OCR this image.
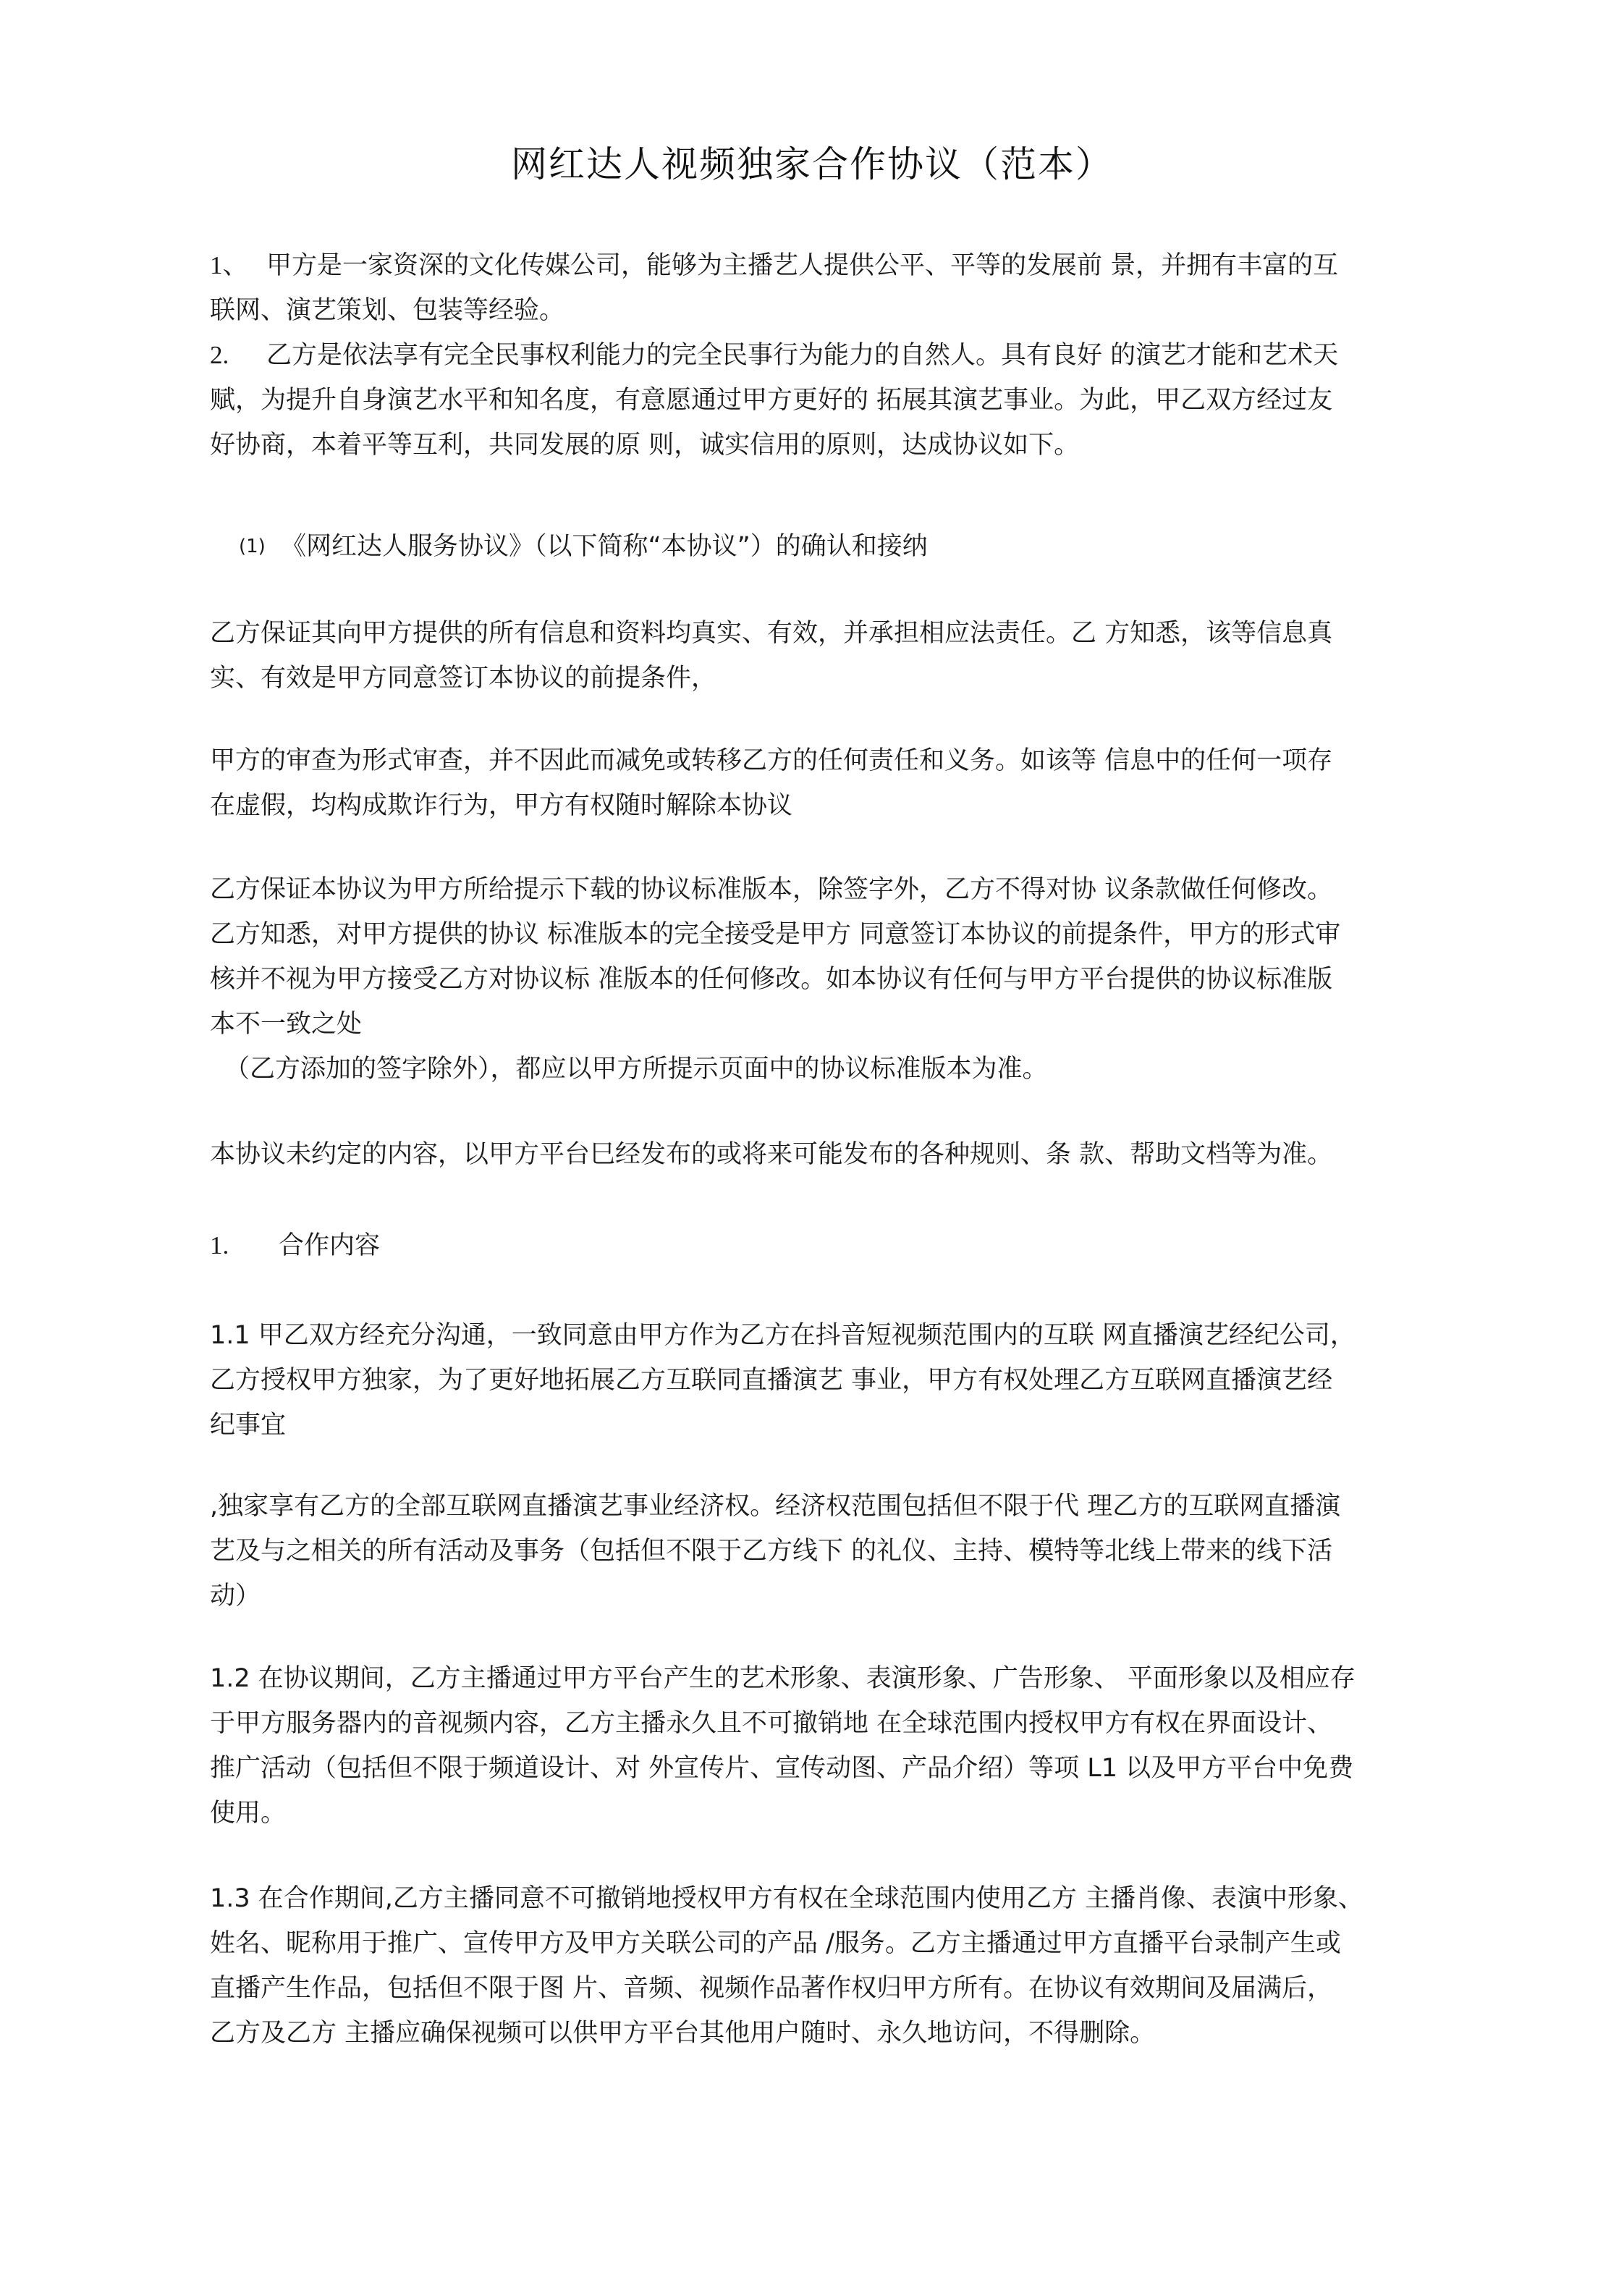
网红达人视频独家合作协议（范本）
1、 甲方是一家资深的文化传媒公司，能够为主播艺人提供公平、平等的发展前 景，并拥有丰富的互
联网、演艺策划、包装等经验。
2. 乙方是依法享有完全民事权利能力的完全民事行为能力的自然人。具有良好 的演艺才能和艺术天
赋，为提升自身演艺水平和知名度，有意愿通过甲方更好的 拓展其演艺事业。为此，甲乙双方经过友
好协商，本着平等互利，共同发展的原 则，诚实信用的原则，达成协议如下。
(1) 《网红达人服务协议》（以下简称“本协议”）的确认和接纳
乙方保证其向甲方提供的所有信息和资料均真实、有效，并承担相应法责任。乙 方知悉，该等信息真
实、有效是甲方同意签订本协议的前提条件，
甲方的审查为形式审查，并不因此而减免或转移乙方的任何责任和义务。如该等 信息中的任何一项存
在虚假，均构成欺诈行为，甲方有权随时解除本协议
乙方保证本协议为甲方所给提示下载的协议标准版本，除签字外，乙方不得对协 议条款做任何修改。
乙方知悉，对甲方提供的协议 标准版本的完全接受是甲方 同意签订本协议的前提条件，甲方的形式审
核并不视为甲方接受乙方对协议标 准版本的任何修改。如本协议有任何与甲方平台提供的协议标准版
本不一致之处
（乙方添加的签字除外），都应以甲方所提示页面中的协议标准版本为准。
本协议未约定的内容，以甲方平台巳经发布的或将来可能发布的各种规则、条 款、帮助文档等为准。
1. 合作内容
1.1 甲乙双方经充分沟通，一致同意由甲方作为乙方在抖音短视频范围内的互联 网直播演艺经纪公司，
乙方授权甲方独家，为了更好地拓展乙方互联同直播演艺 事业，甲方有权处理乙方互联网直播演艺经
纪事宜
,独家享有乙方的全部互联网直播演艺事业经济权。经济权范围包括但不限于代 理乙方的互联网直播演
艺及与之相关的所有活动及事务（包括但不限于乙方线下 的礼仪、主持、模特等北线上带来的线下活
动）
1.2 在协议期间，乙方主播通过甲方平台产生的艺术形象、表演形象、广告形象、 平面形象以及相应存
于甲方服务器内的音视频内容，乙方主播永久且不可撤销地 在全球范围内授权甲方有权在界面设计、
推广活动（包括但不限于频道设计、对 外宣传片、宣传动图、产品介绍）等项 L1 以及甲方平台中免费
使用。
1.3 在合作期间,乙方主播同意不可撤销地授权甲方有权在全球范围内使用乙方 主播肖像、表演中形象、
姓名、昵称用于推广、宣传甲方及甲方关联公司的产品 /服务。乙方主播通过甲方直播平台录制产生或
直播产生作品，包括但不限于图 片、音频、视频作品著作权归甲方所有。在协议有效期间及届满后，
乙方及乙方 主播应确保视频可以供甲方平台其他用户随时、永久地访问，不得删除。
